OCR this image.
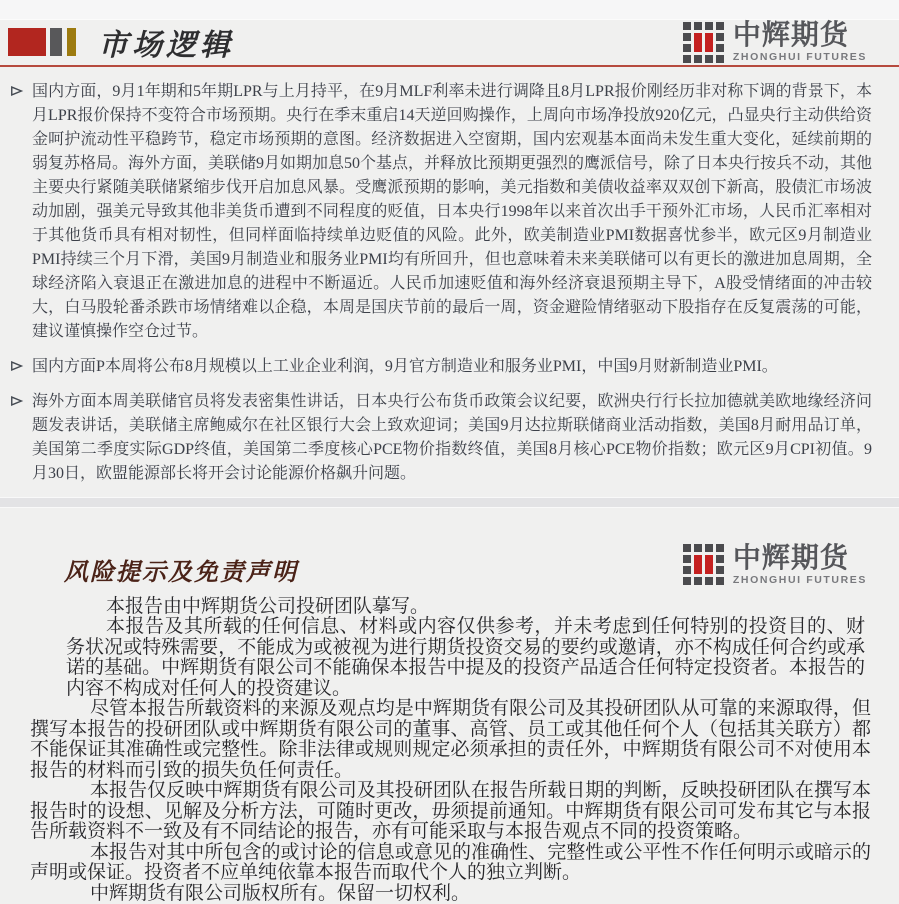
市场逻辑	中辉期货
ZHONGHUI FUTURES
国内方面，9月1年期和5年期LPR与上月持平，在9月MLF利率未进行调降且8月LPR报价刚经历非对称下调的背景下，本月LPR报价保持不变符合市场预期。央行在季末重启14天逆回购操作，上周向市场净投放920亿元，凸显央行主动供给资金呵护流动性平稳跨节，稳定市场预期的意图。经济数据进入空窗期，国内宏观基本面尚未发生重大变化，延续前期的弱复苏格局。海外方面，美联储9月如期加息50个基点，并释放比预期更强烈的鹰派信号，除了日本央行按兵不动，其他主要央行紧随美联储紧缩步伐开启加息风暴。受鹰派预期的影响，美元指数和美债收益率双双创下新高，股债汇市场波动加剧，强美元导致其他非美货币遭到不同程度的贬值，日本央行1998年以来首次出手干预外汇市场，人民币汇率相对于其他货币具有相对韧性，但同样面临持续单边贬值的风险。此外，欧美制造业PMI数据喜忧参半，欧元区9月制造业PMI持续三个月下滑，美国9月制造业和服务业PMI均有所回升，但也意味着未来美联储可以有更长的激进加息周期，全球经济陷入衰退正在激进加息的进程中不断逼近。人民币加速贬值和海外经济衰退预期主导下，A股受情绪面的冲击较大，白马股轮番杀跌市场情绪难以企稳，本周是国庆节前的最后一周，资金避险情绪驱动下股指存在反复震荡的可能，建议谨慎操作空仓过节。
国内方面P本周将公布8月规模以上工业企业利润，9月官方制造业和服务业PMI，中国9月财新制造业PMI。
海外方面本周美联储官员将发表密集性讲话，日本央行公布货币政策会议纪要，欧洲央行行长拉加德就美欧地缘经济问题发表讲话，美联储主席鲍威尔在社区银行大会上致欢迎词；美国9月达拉斯联储商业活动指数，美国8月耐用品订单，美国第二季度实际GDP终值，美国第二季度核心PCE物价指数终值，美国8月核心PCE物价指数；欧元区9月CPI初值。9月30日，欧盟能源部长将开会讨论能源价格飙升问题。
风险提示及免责声明	中辉期货
ZHONGHUI FUTURES

本报告由中辉期货公司投研团队摹写。

本报告及其所载的任何信息、材料或内容仅供参考，并未考虑到任何特别的投资目的、财务状况或特殊需要，不能成为或被视为进行期货投资交易的要约或邀请，亦不构成任何合约或承诺的基础。中辉期货有限公司不能确保本报告中提及的投资产品适合任何特定投资者。本报告的内容不构成对任何人的投资建议。

尽管本报告所载资料的来源及观点均是中辉期货有限公司及其投研团队从可靠的来源取得，但撰写本报告的投研团队或中辉期货有限公司的董事、高管、员工或其他任何个人（包括其关联方）都不能保证其准确性或完整性。除非法律或规则规定必须承担的责任外，中辉期货有限公司不对使用本报告的材料而引致的损失负任何责任。

本报告仅反映中辉期货有限公司及其投研团队在报告所载日期的判断，反映投研团队在撰写本报告时的设想、见解及分析方法，可随时更改，毋须提前通知。中辉期货有限公司可发布其它与本报告所载资料不一致及有不同结论的报告，亦有可能采取与本报告观点不同的投资策略。

本报告对其中所包含的或讨论的信息或意见的准确性、完整性或公平性不作任何明示或暗示的声明或保证。投资者不应单纯依靠本报告而取代个人的独立判断。

中辉期货有限公司版权所有。保留一切权利。
